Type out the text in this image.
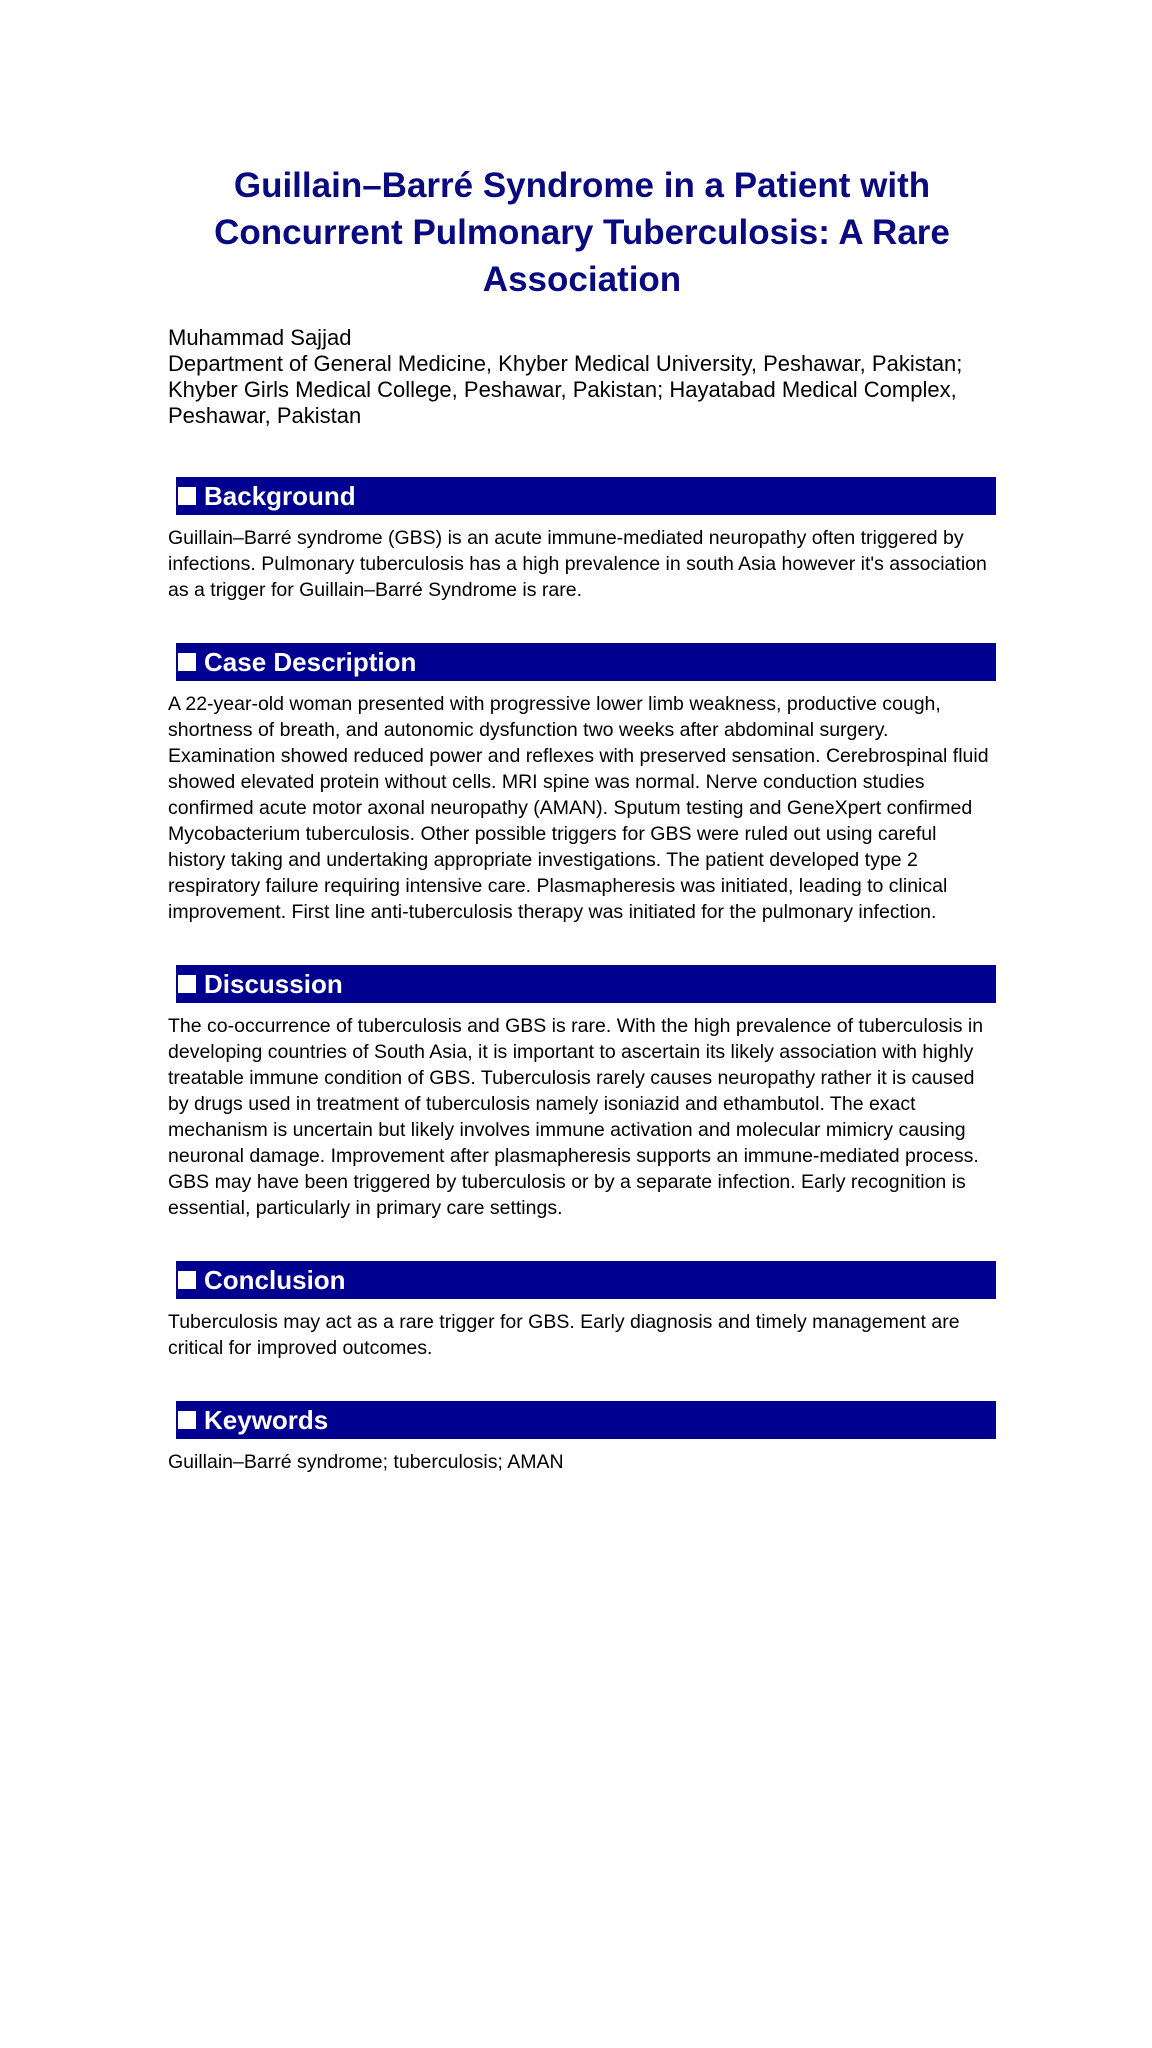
Guillain–Barré Syndrome in a Patient with Concurrent Pulmonary Tuberculosis: A Rare Association
Muhammad Sajjad
Department of General Medicine, Khyber Medical University, Peshawar, Pakistan; Khyber Girls Medical College, Peshawar, Pakistan; Hayatabad Medical Complex, Peshawar, Pakistan
Background

Guillain–Barré syndrome (GBS) is an acute immune-mediated neuropathy often triggered by infections. Pulmonary tuberculosis has a high prevalence in south Asia however it's association as a trigger for Guillain–Barré Syndrome is rare.

Case Description

A 22-year-old woman presented with progressive lower limb weakness, productive cough, shortness of breath, and autonomic dysfunction two weeks after abdominal surgery. Examination showed reduced power and reflexes with preserved sensation. Cerebrospinal fluid showed elevated protein without cells. MRI spine was normal. Nerve conduction studies confirmed acute motor axonal neuropathy (AMAN). Sputum testing and GeneXpert confirmed Mycobacterium tuberculosis. Other possible triggers for GBS were ruled out using careful history taking and undertaking appropriate investigations. The patient developed type 2 respiratory failure requiring intensive care. Plasmapheresis was initiated, leading to clinical improvement. First line anti-tuberculosis therapy was initiated for the pulmonary infection.

Discussion

The co-occurrence of tuberculosis and GBS is rare. With the high prevalence of tuberculosis in developing countries of South Asia, it is important to ascertain its likely association with highly treatable immune condition of GBS. Tuberculosis rarely causes neuropathy rather it is caused by drugs used in treatment of tuberculosis namely isoniazid and ethambutol. The exact mechanism is uncertain but likely involves immune activation and molecular mimicry causing neuronal damage. Improvement after plasmapheresis supports an immune-mediated process. GBS may have been triggered by tuberculosis or by a separate infection. Early recognition is essential, particularly in primary care settings.

Conclusion

Tuberculosis may act as a rare trigger for GBS. Early diagnosis and timely management are critical for improved outcomes.

Keywords

Guillain–Barré syndrome; tuberculosis; AMAN
